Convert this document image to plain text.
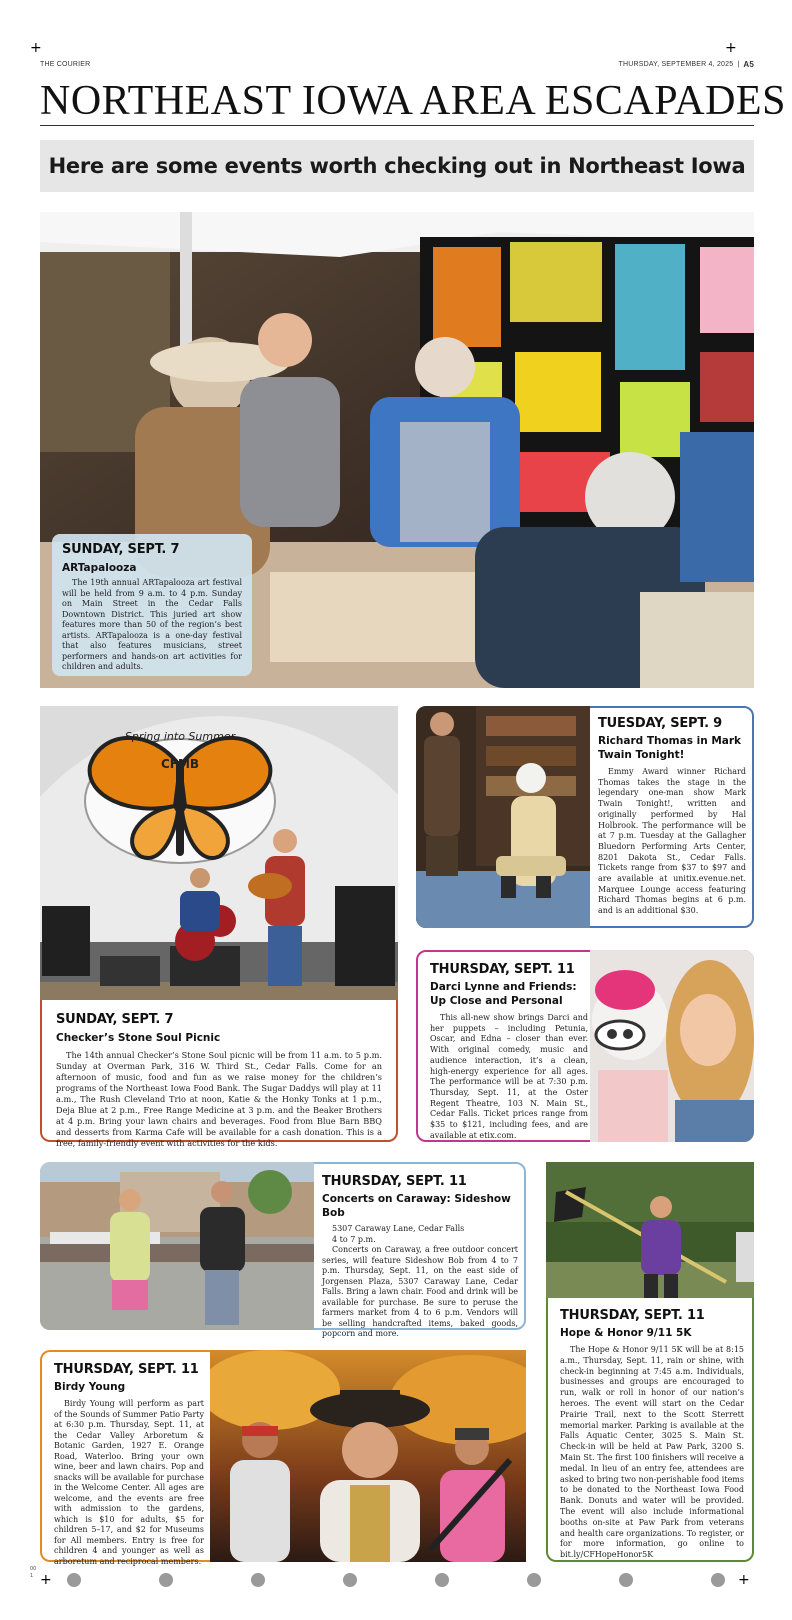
+	+
THE COURIER	THURSDAY, SEPTEMBER 4, 2025 | A5
NORTHEAST IOWA AREA ESCAPADES
Here are some events worth checking out in Northeast Iowa
SUNDAY, SEPT. 7
ARTapalooza
The 19th annual ARTapalooza art festival will be held from 9 a.m. to 4 p.m. Sunday on Main Street in the Cedar Falls Downtown District. This juried art show features more than 50 of the region’s best artists. ARTapalooza is a one-day festival that also features musicians, street performers and hands-on art activities for children and adults.
Spring into Summer
CFMB
SUNDAY, SEPT. 7
Checker’s Stone Soul Picnic
The 14th annual Checker’s Stone Soul picnic will be from 11 a.m. to 5 p.m. Sunday at Overman Park, 316 W. Third St., Cedar Falls. Come for an afternoon of music, food and fun as we raise money for the children’s programs of the Northeast Iowa Food Bank. The Sugar Daddys will play at 11 a.m., The Rush Cleveland Trio at noon, Katie & the Honky Tonks at 1 p.m., Deja Blue at 2 p.m., Free Range Medicine at 3 p.m. and the Beaker Brothers at 4 p.m. Bring your lawn chairs and beverages. Food from Blue Barn BBQ and desserts from Karma Cafe will be available for a cash donation. This is a free, family-friendly event with activities for the kids.
TUESDAY, SEPT. 9
Richard Thomas in Mark Twain Tonight!
Emmy Award winner Richard Thomas takes the stage in the legendary one-man show Mark Twain Tonight!, written and originally performed by Hal Holbrook. The performance will be at 7 p.m. Tuesday at the Gallagher Bluedorn Performing Arts Center, 8201 Dakota St., Cedar Falls. Tickets range from $37 to $97 and are available at unitix.evenue.net. Marquee Lounge access featuring Richard Thomas begins at 6 p.m. and is an additional $30.
THURSDAY, SEPT. 11
Darci Lynne and Friends: Up Close and Personal
This all-new show brings Darci and her puppets – including Petunia, Oscar, and Edna – closer than ever. With original comedy, music and audience interaction, it’s a clean, high-energy experience for all ages. The performance will be at 7:30 p.m. Thursday, Sept. 11, at the Oster Regent Theatre, 103 N. Main St., Cedar Falls. Ticket prices range from $35 to $121, including fees, and are available at etix.com.
THURSDAY, SEPT. 11
Concerts on Caraway: Sideshow Bob
5307 Caraway Lane, Cedar Falls
4 to 7 p.m.
Concerts on Caraway, a free outdoor concert series, will feature Sideshow Bob from 4 to 7 p.m. Thursday, Sept. 11, on the east side of Jorgensen Plaza, 5307 Caraway Lane, Cedar Falls. Bring a lawn chair. Food and drink will be available for purchase. Be sure to peruse the farmers market from 4 to 6 p.m. Vendors will be selling handcrafted items, baked goods, popcorn and more.
THURSDAY, SEPT. 11
Hope & Honor 9/11 5K
The Hope & Honor 9/11 5K will be at 8:15 a.m., Thursday, Sept. 11, rain or shine, with check-in beginning at 7:45 a.m. Individuals, businesses and groups are encouraged to run, walk or roll in honor of our nation’s heroes. The event will start on the Cedar Prairie Trail, next to the Scott Sterrett memorial marker. Parking is available at the Falls Aquatic Center, 3025 S. Main St. Check-in will be held at Paw Park, 3200 S. Main St. The first 100 finishers will receive a medal. In lieu of an entry fee, attendees are asked to bring two non-perishable food items to be donated to the Northeast Iowa Food Bank. Donuts and water will be provided. The event will also include informational booths on-site at Paw Park from veterans and health care organizations. To register, or for more information, go online to bit.ly/CFHopeHonor5K
THURSDAY, SEPT. 11
Birdy Young
Birdy Young will perform as part of the Sounds of Summer Patio Party at 6:30 p.m. Thursday, Sept. 11, at the Cedar Valley Arboretum & Botanic Garden, 1927 E. Orange Road, Waterloo. Bring your own wine, beer and lawn chairs. Pop and snacks will be available for purchase in the Welcome Center. All ages are welcome, and the events are free with admission to the gardens, which is $10 for adults, $5 for children 5–17, and $2 for Museums for All members. Entry is free for children 4 and younger as well as arboretum and reciprocal members.
00
1 +	+
